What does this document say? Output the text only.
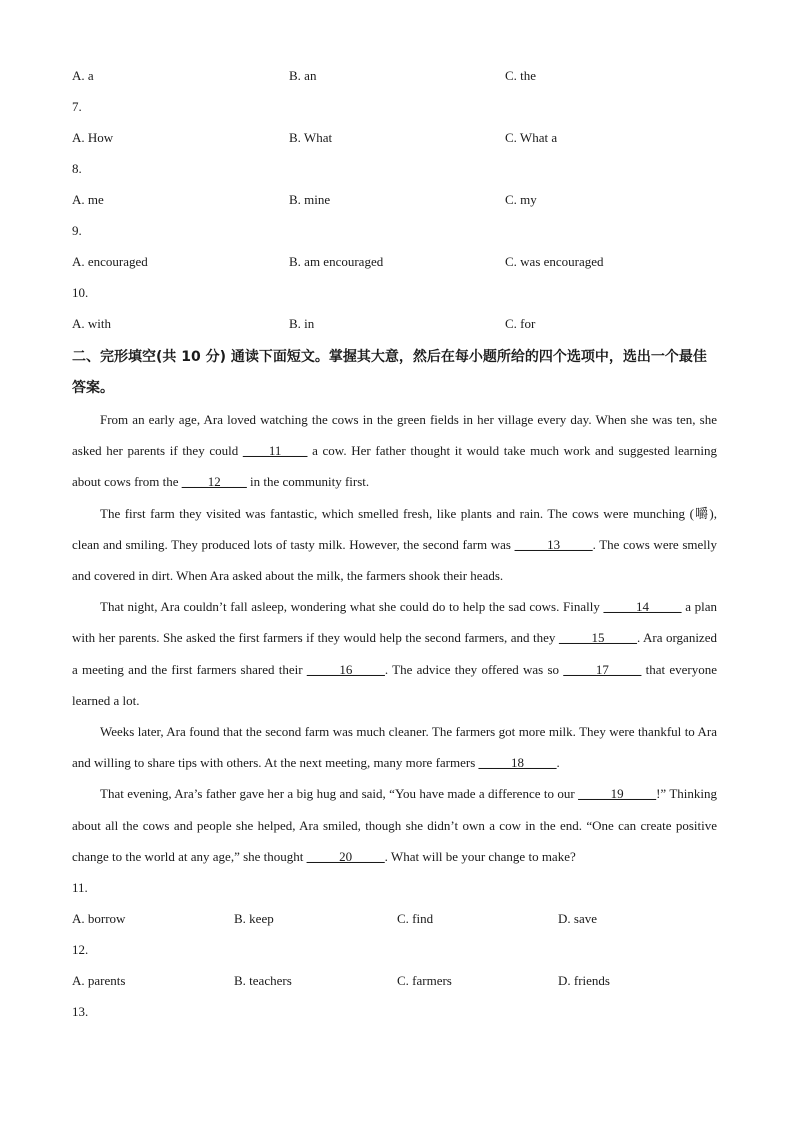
A. a	B. an	C. the
7.
A. How	B. What	C. What a
8.
A. me	B. mine	C. my
9.
A. encouraged	B. am encouraged	C. was encouraged
10.
A. with	B. in	C. for
二、完形填空(共 10 分) 通读下面短文。掌握其大意，然后在每小题所给的四个选项中，选出一个最佳答案。

From an early age, Ara loved watching the cows in the green fields in her village every day. When she was ten, she asked her parents if they could ____11____ a cow. Her father thought it would take much work and suggested learning about cows from the ____12____ in the community first.

The first farm they visited was fantastic, which smelled fresh, like plants and rain. The cows were munching (嚼), clean and smiling. They produced lots of tasty milk. However, the second farm was _____13_____. The cows were smelly and covered in dirt. When Ara asked about the milk, the farmers shook their heads.

That night, Ara couldn’t fall asleep, wondering what she could do to help the sad cows. Finally _____14_____ a plan with her parents. She asked the first farmers if they would help the second farmers, and they _____15_____. Ara organized a meeting and the first farmers shared their _____16_____. The advice they offered was so _____17_____ that everyone learned a lot.

Weeks later, Ara found that the second farm was much cleaner. The farmers got more milk. They were thankful to Ara and willing to share tips with others. At the next meeting, many more farmers _____18_____.

That evening, Ara’s father gave her a big hug and said, “You have made a difference to our _____19_____!” Thinking about all the cows and people she helped, Ara smiled, though she didn’t own a cow in the end. “One can create positive change to the world at any age,” she thought _____20_____. What will be your change to make?

11.
A. borrow	B. keep	C. find	D. save
12.
A. parents	B. teachers	C. farmers	D. friends
13.
